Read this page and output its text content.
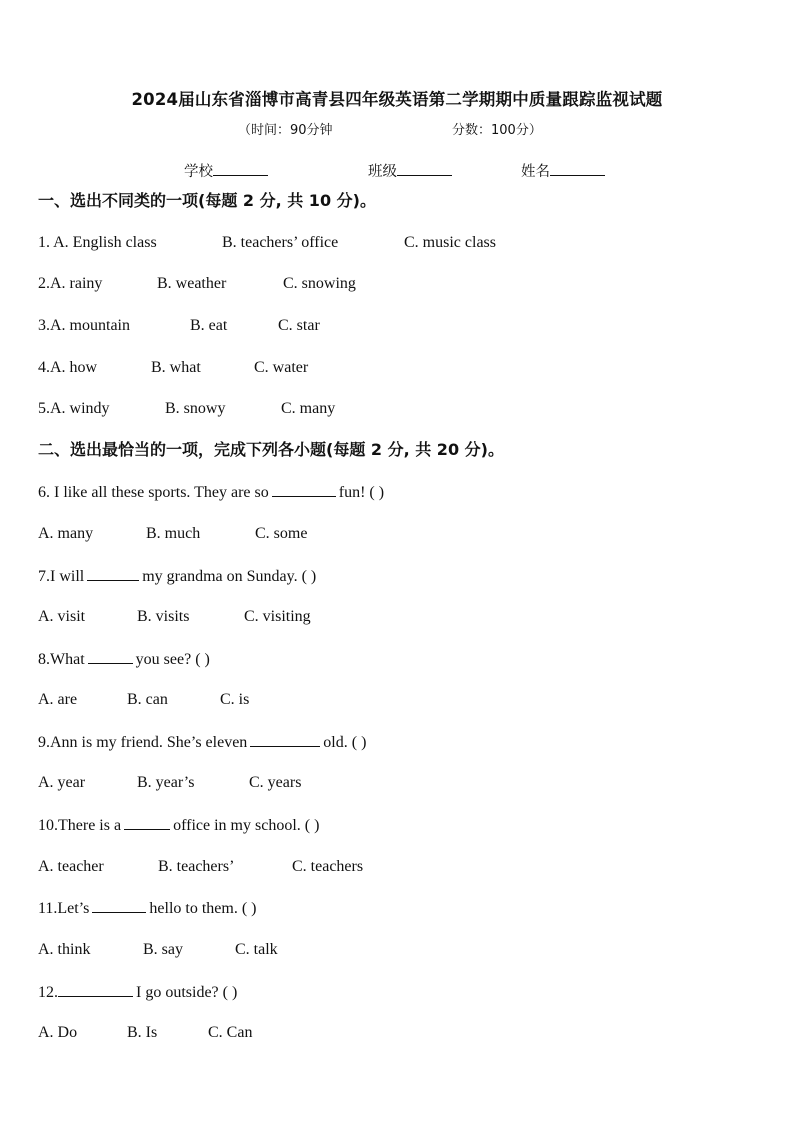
2024届山东省淄博市高青县四年级英语第二学期期中质量跟踪监视试题
（时间：90分钟	分数：100分）
学校	班级	姓名
一、选出不同类的一项(每题 2 分, 共 10 分)。
1. A. English class	B. teachers’ office	C. music class
2.A. rainy	B. weather	C. snowing
3.A. mountain	B. eat	C. star
4.A. how	B. what	C. water
5.A. windy	B. snowy	C. many
二、选出最恰当的一项，完成下列各小题(每题 2 分, 共 20 分)。
6. I like all these sports. They are so	fun! ( )
A. many	B. much	C. some
7.I will	my grandma on Sunday. ( )
A. visit	B. visits	C. visiting
8.What	you see? ( )
A. are	B. can	C. is
9.Ann is my friend. She’s eleven	old. ( )
A. year	B. year’s	C. years
10.There is a	office in my school. ( )
A. teacher	B. teachers’	C. teachers
11.Let’s	hello to them. ( )
A. think	B. say	C. talk
12.	I go outside? ( )
A. Do	B. Is	C. Can
